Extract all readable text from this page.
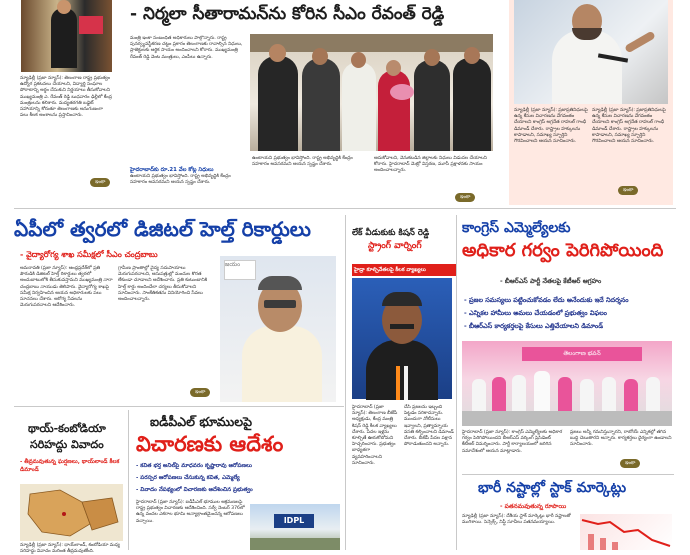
న్యూఢిల్లీ (ప్రజా న్యూస్): తెలంగాణ రాష్ట్ర ప్రభుత్వం ఉద్యోగ ప్రకటనలు చేయాలని, విద్యార్థి సంఘాల పోరాటాన్ని అర్థం చేసుకుని నిర్ణయాలు తీసుకోవాలని ముఖ్యమంత్రి ఎ. రేవంత్ రెడ్డి బుధవారం ఢిల్లీలో కేంద్ర మంత్రులను కలిశారు. మద్యతరగతి బడ్జెట్ సహాయాన్ని కోరుతూ తెలంగాణకు అనుగుణంగా పలు కీలక అంశాలను ప్రస్తావించారు.
- నిర్మలా సీతారామన్‌ను కోరిన సీఎం రేవంత్ రెడ్డి
మంత్రి ఇంకా సంబంధిత అధికారులు పాల్గొన్నారు. రాష్ట్ర పునర్వ్యవస్థీకరణ చట్టం ప్రకారం తెలంగాణకు రావాల్సిన నిధులు, ప్రాజెక్టులకు ఆర్థిక సాయం అందించాలని కోరారు. ముఖ్యమంత్రి రేవంత్ రెడ్డి వెంట మంత్రులు, ఎంపీలు ఉన్నారు.
హైదరాబాద్‌కు రూ.21 వేల కోట్ల నిధులు
ఉంటాయని ప్రభుత్వం భావిస్తోంది. రాష్ట్ర అభివృద్ధికి కేంద్రం సహకారం అవసరమని ఆయన స్పష్టం చేశారు.
ఉంటాయని ప్రభుత్వం భావిస్తోంది. రాష్ట్ర అభివృద్ధికి కేంద్రం సహకారం అవసరమని ఆయన స్పష్టం చేశారు.
ఆదుకోవాలని, వెనుకబడిన జిల్లాలకు నిధులు విడుదల చేయాలని కోరారు. హైదరాబాద్ మెట్రో విస్తరణ, మూసీ ప్రక్షాళనకు సాయం అందించాలన్నారు.
ఇంకా
ఇంకా
న్యూఢిల్లీ (ప్రజా న్యూస్): ప్రజాప్రతినిధులపై ఉన్న కేసుల విచారణను వేగవంతం చేయాలని కాంగ్రెస్ అగ్రనేత రాహుల్ గాంధీ డిమాండ్ చేశారు. రాష్ట్రాల హక్కులను కాపాడాలని, సమాఖ్య స్ఫూర్తిని గౌరవించాలని ఆయన సూచించారు.
న్యూఢిల్లీ (ప్రజా న్యూస్): ప్రజాప్రతినిధులపై ఉన్న కేసుల విచారణను వేగవంతం చేయాలని కాంగ్రెస్ అగ్రనేత రాహుల్ గాంధీ డిమాండ్ చేశారు. రాష్ట్రాల హక్కులను కాపాడాలని, సమాఖ్య స్ఫూర్తిని గౌరవించాలని ఆయన సూచించారు.
ఇంకా
ఏపీలో త్వరలో డిజిటల్ హెల్త్ రికార్డులు
- వైద్యారోగ్య శాఖ సమీక్షలో సీఎం చంద్రబాబు
అమరావతి (ప్రజా న్యూస్): ఆంధ్రప్రదేశ్‌లో ప్రతి పౌరుడికి డిజిటల్ హెల్త్ రికార్డులు త్వరలో అందుబాటులోకి తీసుకువస్తామని ముఖ్యమంత్రి నారా చంద్రబాబు నాయుడు తెలిపారు. వైద్యారోగ్య శాఖపై సమీక్ష నిర్వహించిన ఆయన అధికారులకు పలు సూచనలు చేశారు. ఆరోగ్య సేవలను మెరుగుపరచాలని ఆదేశించారు.
గ్రామీణ ప్రాంతాల్లో వైద్య సదుపాయాలు మెరుగుపరచాలని, ఆసుపత్రుల్లో మందుల కొరత లేకుండా చూడాలని ఆదేశించారు. ప్రతి కుటుంబానికి హెల్త్ కార్డు అందించేలా చర్యలు తీసుకోవాలని సూచించారు. సాంకేతికతను వినియోగించి సేవలు అందించాలన్నారు.
జయం
ఇంకా
లేక్ వీడుకుకు కిషన్ రెడ్డి
స్ట్రాంగ్ వార్నింగ్
హైడ్రా కూల్చివేతలపై కీలక వ్యాఖ్యలు
హైదరాబాద్ (ప్రజా న్యూస్): తెలంగాణ బీజేపీ అధ్యక్షుడు, కేంద్ర మంత్రి కిషన్ రెడ్డి కీలక వ్యాఖ్యలు చేశారు. పేదల ఇళ్లను కూల్చితే ఊరుకోబోమని హెచ్చరించారు. ప్రభుత్వం బాధ్యతగా వ్యవహరించాలని సూచించారు.
చేసి ప్రజలను ఇబ్బంది పెట్టడం సరికాదన్నారు. ముందుగా నోటీసులు ఇవ్వాలని, ప్రత్యామ్నాయ వసతి కల్పించాలని డిమాండ్ చేశారు. బీజేపీ పేదల పక్షాన పోరాడుతుందని అన్నారు.
కాంగ్రెస్ ఎమ్మెల్యేలకు
అధికార గర్వం పెరిగిపోయింది
- బీఆర్ఎస్ పార్టీ నేతలపై కేటీఆర్ ఆగ్రహం
- ప్రజల సమస్యలు పట్టించుకోవడం లేదు అనేందుకు ఇదే నిదర్శనం
- ఎన్నికల హామీలు అమలు చేయడంలో ప్రభుత్వం విఫలం
- బీఆర్ఎస్ కార్యకర్తలపై కేసులు ఎత్తివేయాలని డిమాండ్
తెలంగాణ భవన్
హైదరాబాద్ (ప్రజా న్యూస్): కాంగ్రెస్ ఎమ్మెల్యేలకు అధికార గర్వం పెరిగిపోయిందని బీఆర్ఎస్ వర్కింగ్ ప్రెసిడెంట్ కేటీఆర్ విమర్శించారు. పార్టీ కార్యాలయంలో జరిగిన సమావేశంలో ఆయన మాట్లాడారు.
ప్రజలు అన్నీ గమనిస్తున్నారని, రాబోయే ఎన్నికల్లో తగిన బుద్ధి చెబుతారని అన్నారు. కార్యకర్తలు ధైర్యంగా ఉండాలని సూచించారు.
ఇంకా
థాయ్-కంబోడియా
సరిహద్దు వివాదం
- తీవ్రమవుతున్న ఘర్షణలు, థాయ్‌లాండ్ కీలక డిమాండ్
న్యూఢిల్లీ (ప్రజా న్యూస్): థాయ్‌లాండ్, కంబోడియా మధ్య సరిహద్దు వివాదం మరింత తీవ్రమవుతోంది.
ఐడీపీఎల్ భూములపై
విచారణకు ఆదేశం
- కవిత భర్త అనిల్‌పై మాధవరం కృష్ణారావు ఆరోపణలు
- పరస్పర ఆరోపణలు చేసుకున్న కవిత, ఎమ్మెల్యే
- వివాదం నేపథ్యంలో విచారణకు ఆదేశించిన ప్రభుత్వం
హైదరాబాద్ (ప్రజా న్యూస్): ఐడీపీఎల్ భూముల ఆక్రమణలపై రాష్ట్ర ప్రభుత్వం విచారణకు ఆదేశించింది. సర్వే నెంబర్ 376లో ఉన్న వందల ఎకరాల భూమి అన్యాక్రాంతమైందన్న ఆరోపణలు వచ్చాయి.	IDPL
భారీ నష్టాల్లో స్టాక్ మార్కెట్లు
- పతనమవుతున్న రూపాయి
న్యూఢిల్లీ (ప్రజా న్యూస్): దేశీయ స్టాక్ మార్కెట్లు భారీ నష్టాలతో ముగిశాయి. సెన్సెక్స్, నిఫ్టీ సూచీలు పతనమయ్యాయి.
